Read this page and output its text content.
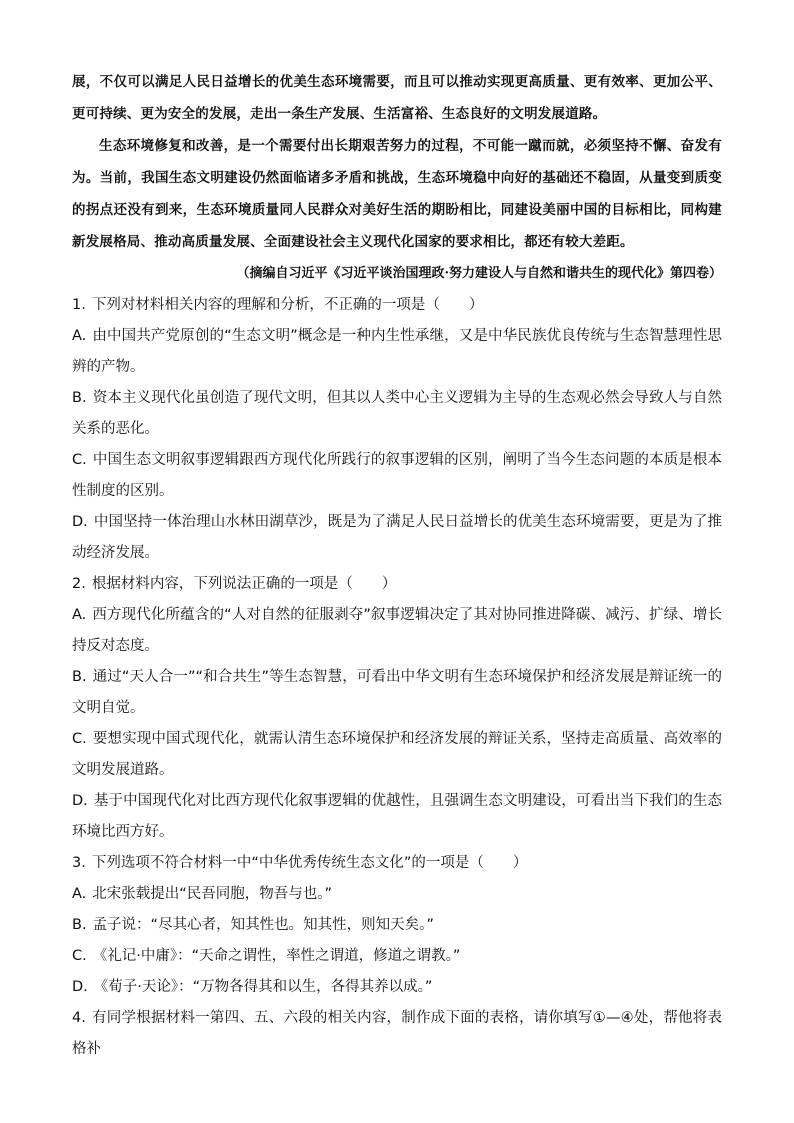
展，不仅可以满足人民日益增长的优美生态环境需要，而且可以推动实现更高质量、更有效率、更加公平、更可持续、更为安全的发展，走出一条生产发展、生活富裕、生态良好的文明发展道路。

生态环境修复和改善，是一个需要付出长期艰苦努力的过程，不可能一蹴而就，必须坚持不懈、奋发有为。当前，我国生态文明建设仍然面临诸多矛盾和挑战，生态环境稳中向好的基础还不稳固，从量变到质变的拐点还没有到来，生态环境质量同人民群众对美好生活的期盼相比，同建设美丽中国的目标相比，同构建新发展格局、推动高质量发展、全面建设社会主义现代化国家的要求相比，都还有较大差距。

（摘编自习近平《习近平谈治国理政·努力建设人与自然和谐共生的现代化》第四卷）

1. 下列对材料相关内容的理解和分析，不正确的一项是（　　）

A. 由中国共产党原创的“生态文明”概念是一种内生性承继，又是中华民族优良传统与生态智慧理性思辨的产物。

B. 资本主义现代化虽创造了现代文明，但其以人类中心主义逻辑为主导的生态观必然会导致人与自然关系的恶化。

C. 中国生态文明叙事逻辑跟西方现代化所践行的叙事逻辑的区别，阐明了当今生态问题的本质是根本性制度的区别。

D. 中国坚持一体治理山水林田湖草沙，既是为了满足人民日益增长的优美生态环境需要，更是为了推动经济发展。

2. 根据材料内容，下列说法正确的一项是（　　）

A. 西方现代化所蕴含的“人对自然的征服剥夺”叙事逻辑决定了其对协同推进降碳、减污、扩绿、增长持反对态度。

B. 通过“天人合一”“和合共生”等生态智慧，可看出中华文明有生态环境保护和经济发展是辩证统一的文明自觉。

C. 要想实现中国式现代化，就需认清生态环境保护和经济发展的辩证关系，坚持走高质量、高效率的文明发展道路。

D. 基于中国现代化对比西方现代化叙事逻辑的优越性，且强调生态文明建设，可看出当下我们的生态环境比西方好。

3. 下列选项不符合材料一中“中华优秀传统生态文化”的一项是（　　）

A. 北宋张载提出“民吾同胞，物吾与也。”

B. 孟子说：“尽其心者，知其性也。知其性，则知天矣。”

C. 《礼记·中庸》：“天命之谓性，率性之谓道，修道之谓教。”

D. 《荀子·天论》：“万物各得其和以生，各得其养以成。”

4. 有同学根据材料一第四、五、六段的相关内容，制作成下面的表格，请你填写①—④处，帮他将表格补
